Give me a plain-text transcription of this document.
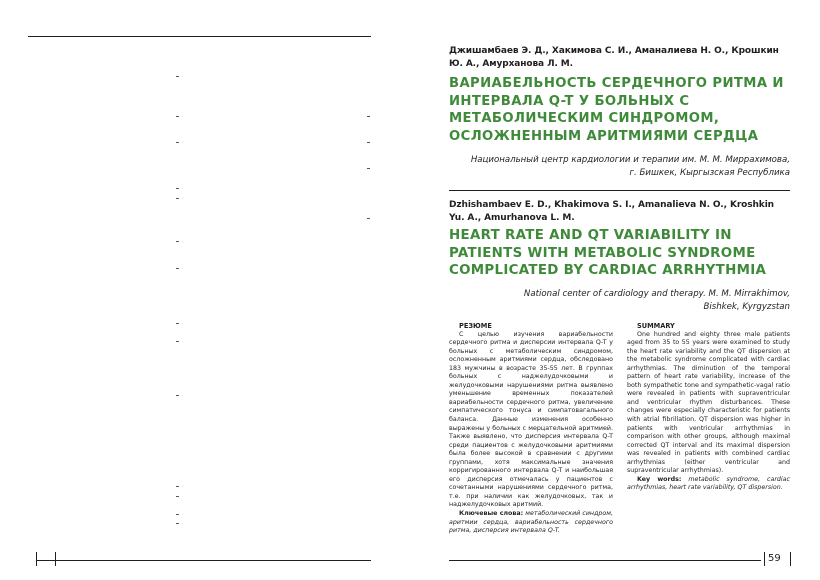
Джишамбаев Э. Д., Хакимова С. И., Аманалиева Н. О., Крошкин Ю. А., Амурханова Л. М.
ВАРИАБЕЛЬНОСТЬ СЕРДЕЧНОГО РИТМА И ИНТЕРВАЛА Q-T У БОЛЬНЫХ С МЕТАБОЛИЧЕСКИМ СИНДРОМОМ, ОСЛОЖНЕННЫМ АРИТМИЯМИ СЕРДЦА
Национальный центр кардиологии и терапии им. М. М. Миррахимова,
г. Бишкек, Кыргызская Республика
Dzhishambaev E. D., Khakimova S. I., Amanalieva N. O., Kroshkin Yu. A., Amurhanova L. M.
HEART RATE AND QT VARIABILITY IN PATIENTS WITH METABOLIC SYNDROME COMPLICATED BY CARDIAC ARRHYTHMIA
National center of cardiology and therapy. M. M. Mirrakhimov,
Bishkek, Kyrgyzstan
РЕЗЮМЕ

С целью изучения вариабельности сердечного ритма и дисперсии интервала Q-T у больных с метаболическим синдромом, осложненным аритмиями сердца, обследовано 183 мужчины в возрасте 35-55 лет. В группах больных с наджелудочковыми и желудочковыми нарушениями ритма выявлено уменьшение временных показателей вариабельности сердечного ритма, увеличение симпатического тонуса и симпатовагального баланса. Данные изменения особенно выражены у больных с мерцательной аритмией. Также выявлено, что дисперсия интервала Q-T среди пациентов с желудочковыми аритмиями была более высокой в сравнении с другими группами, хотя максимальные значения корригированного интервала Q-T и наибольшая его дисперсия отмечалась у пациентов с сочетанными нарушениями сердечного ритма, т.е. при наличии как желудочковых, так и наджелудочковых аритмий.

Ключевые слова: метаболический синдром, аритмии сердца, вариабельность сердечного ритма, дисперсия интервала Q-T.

SUMMARY

One hundred and eighty three male patients aged from 35 to 55 years were examined to study the heart rate variability and the QT dispersion at the metabolic syndrome complicated with cardiac arrhythmias. The diminution of the temporal pattern of heart rate variability, increase of the both sympathetic tone and sympathetic-vagal ratio were revealed in patients with supraventricular and ventricular rhythm disturbances. These changes were especially characteristic for patients with atrial fibrillation. QT dispersion was higher in patients with ventricular arrhythmias in comparison with other groups, although maximal corrected QT interval and its maximal dispersion was revealed in patients with combined cardiac arrhythmias (either ventricular and supraventricular arrhythmias).

Key words: metabolic syndrome, cardiac arrhythmias, heart rate variability, QT dispersion.

59
